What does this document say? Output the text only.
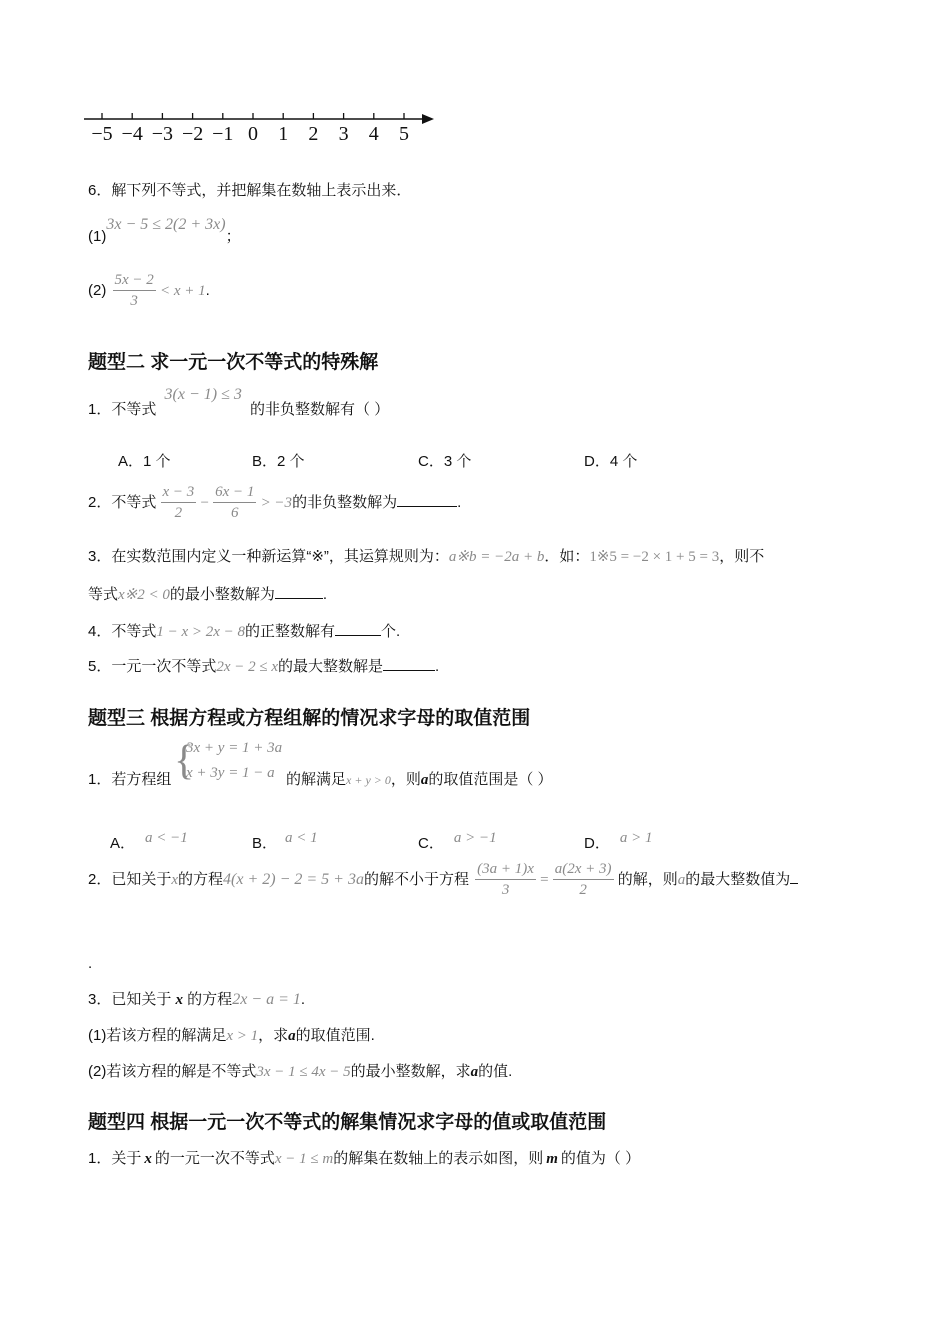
−5 −4 −3 −2 −1 0	1	2	3	4	5
6．解下列不等式，并把解集在数轴上表示出来．
(1)3x − 5 ≤ 2(2 + 3x)；
$(2) \frac{5x - 2}{3} < x + 1$.
题型二 求一元一次不等式的特殊解
1．不等式 3(x − 1) ≤ 3 的非负整数解有（ ）
A．1 个	B．2 个	C．3 个	D．4 个
2．不等式 $\frac{x - 3}{2} - \frac{6x - 1}{6} > -3$的非负整数解为	.
3．在实数范围内定义一种新运算“※”，其运算规则为：a※b = −2a + b．如：1※5 = −2 × 1 + 5 = 3，则不
等式x※2 < 0的最小整数解为	.
4．不等式1 − x > 2x − 8的正整数解有	个.
5．一元一次不等式2x − 2 ≤ x的最大整数解是	.
题型三 根据方程或方程组解的情况求字母的取值范围
1．若方程组 {
3x + y = 1 + 3a
x + 3y = 1 − a 的解满足x + y > 0，则a的取值范围是（ ）
A． a < −1	B． a < 1	C． a > −1	D． a > 1
2．已知关于x的方程4(x + 2) − 2 = 5 + 3a的解不小于方程 $\frac{(3a + 1)x}{3} = \frac{a(2x + 3)}{2}$ 的解，则a的最大整数值为
.
3．已知关于 x 的方程2x − a = 1.
(1)若该方程的解满足x > 1，求a的取值范围.
(2)若该方程的解是不等式3x − 1 ≤ 4x − 5的最小整数解，求a的值.
题型四 根据一元一次不等式的解集情况求字母的值或取值范围
1．关于 x 的一元一次不等式x − 1 ≤ m的解集在数轴上的表示如图，则 m 的值为（ ）
